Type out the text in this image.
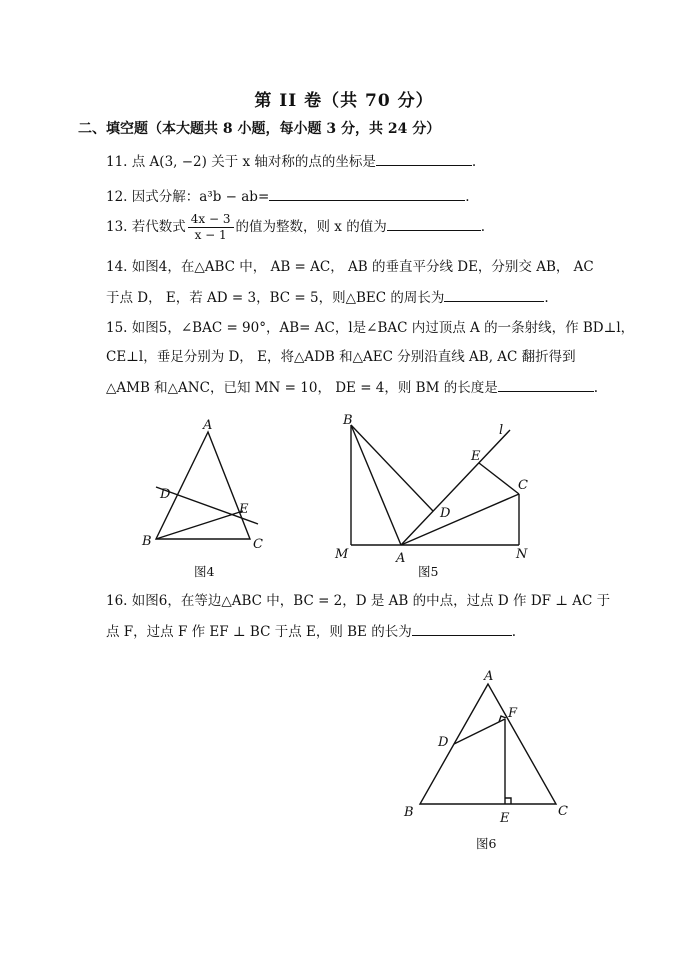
第 II 卷（共 70 分）
二、填空题（本大题共 8 小题，每小题 3 分，共 24 分）
11. 点 A(3, −2) 关于 x 轴对称的点的坐标是	.
12. 因式分解：a³b − ab=	.
13. 若代数式 $\frac{4x - 3}{x - 1}$ 的值为整数，则 x 的值为	.
14. 如图4，在△ABC 中， AB = AC， AB 的垂直平分线 DE，分别交 AB， AC
于点 D， E，若 AD = 3，BC = 5，则△BEC 的周长为	.
15. 如图5，∠BAC = 90°，AB= AC，l是∠BAC 内过顶点 A 的一条射线，作 BD⊥l，
CE⊥l，垂足分别为 D， E，将△ADB 和△AEC 分别沿直线 AB, AC 翻折得到
△AMB 和△ANC，已知 MN = 10， DE = 4，则 BM 的长度是	.
A
B	C
D
E
图4
B
l
E
C
D
M	A	N
图5
16. 如图6，在等边△ABC 中，BC = 2，D 是 AB 的中点，过点 D 作 DF ⊥ AC 于
点 F，过点 F 作 EF ⊥ BC 于点 E，则 BE 的长为	.
A
F
D
B	E	C
图6
